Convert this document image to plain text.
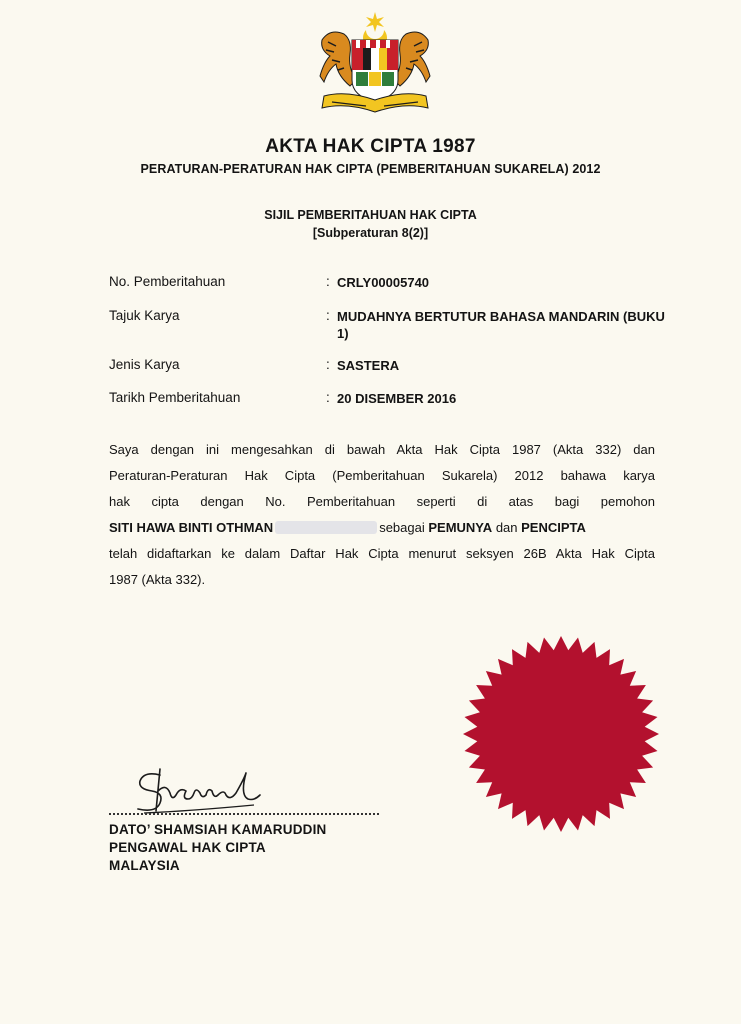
AKTA HAK CIPTA 1987
PERATURAN-PERATURAN HAK CIPTA (PEMBERITAHUAN SUKARELA) 2012
SIJIL PEMBERITAHUAN HAK CIPTA
[Subperaturan 8(2)]
No. Pemberitahuan	: CRLY00005740
Tajuk Karya	: MUDAHNYA BERTUTUR BAHASA MANDARIN (BUKU 1)
Jenis Karya	: SASTERA
Tarikh Pemberitahuan	: 20 DISEMBER 2016
Saya dengan ini mengesahkan di bawah Akta Hak Cipta 1987 (Akta 332) dan
Peraturan-Peraturan Hak Cipta (Pemberitahuan Sukarela) 2012 bahawa karya
hak cipta dengan No. Pemberitahuan seperti di atas bagi pemohon
SITI HAWA BINTI OTHMAN	sebagai PEMUNYA dan PENCIPTA
telah didaftarkan ke dalam Daftar Hak Cipta menurut seksyen 26B Akta Hak Cipta
1987 (Akta 332).
DATO’ SHAMSIAH KAMARUDDIN
PENGAWAL HAK CIPTA
MALAYSIA
